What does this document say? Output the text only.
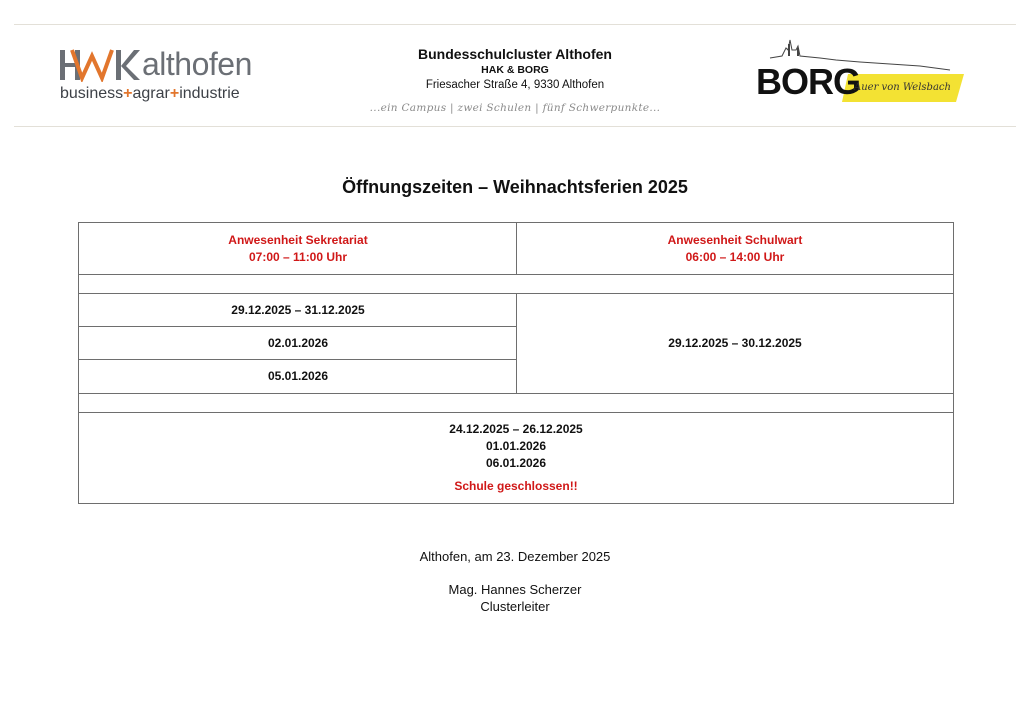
althofen
business+agrar+industrie
Bundesschulcluster Althofen
HAK & BORG
Friesacher Straße 4, 9330 Althofen
...ein Campus | zwei Schulen | fünf Schwerpunkte...
BORG
Auer von Welsbach
Öffnungszeiten – Weihnachtsferien 2025
Anwesenheit Sekretariat
07:00 – 11:00 Uhr
Anwesenheit Schulwart
06:00 – 14:00 Uhr
29.12.2025 – 31.12.2025
02.01.2026
05.01.2026
29.12.2025 – 30.12.2025
24.12.2025 – 26.12.2025
01.01.2026
06.01.2026
Schule geschlossen!!
Althofen, am 23. Dezember 2025
Mag. Hannes Scherzer
Clusterleiter
